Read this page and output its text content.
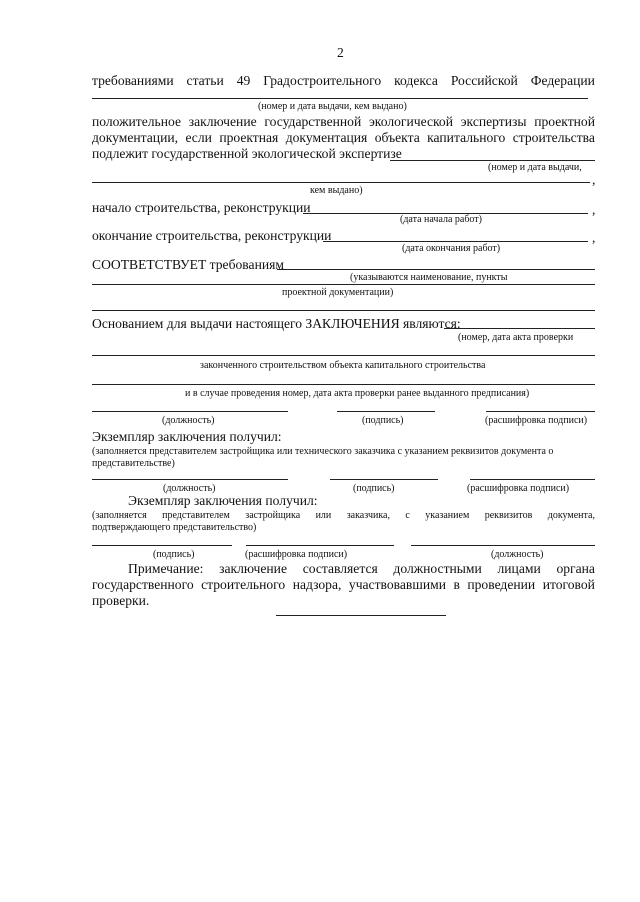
2
требованиями статьи 49 Градостроительного кодекса Российской Федерации
(номер и дата выдачи, кем выдано)
положительное заключение государственной экологической экспертизы проектной
документации, если проектная документация объекта капитального строительства
подлежит государственной экологической экспертизе
(номер и дата выдачи,
,
кем выдано)
начало строительства, реконструкции	,
(дата начала работ)
окончание строительства, реконструкции	,
(дата окончания работ)
СООТВЕТСТВУЕТ требованиям
(указываются наименование, пункты
проектной документации)
Основанием для выдачи настоящего ЗАКЛЮЧЕНИЯ являются:
(номер, дата акта проверки
законченного строительством объекта капитального строительства
и в случае проведения номер, дата акта проверки ранее выданного предписания)
(должность)	(подпись)	(расшифровка подписи)
Экземпляр заключения получил:
(заполняется представителем застройщика или технического заказчика с указанием реквизитов документа о
представительстве)
(должность)	(подпись)	(расшифровка подписи)
Экземпляр заключения получил:
(заполняется представителем застройщика или заказчика, с указанием реквизитов документа,
подтверждающего представительство)
(подпись)	(расшифровка подписи)	(должность)
Примечание: заключение составляется должностными лицами органа
государственного строительного надзора, участвовавшими в проведении итоговой
проверки.
